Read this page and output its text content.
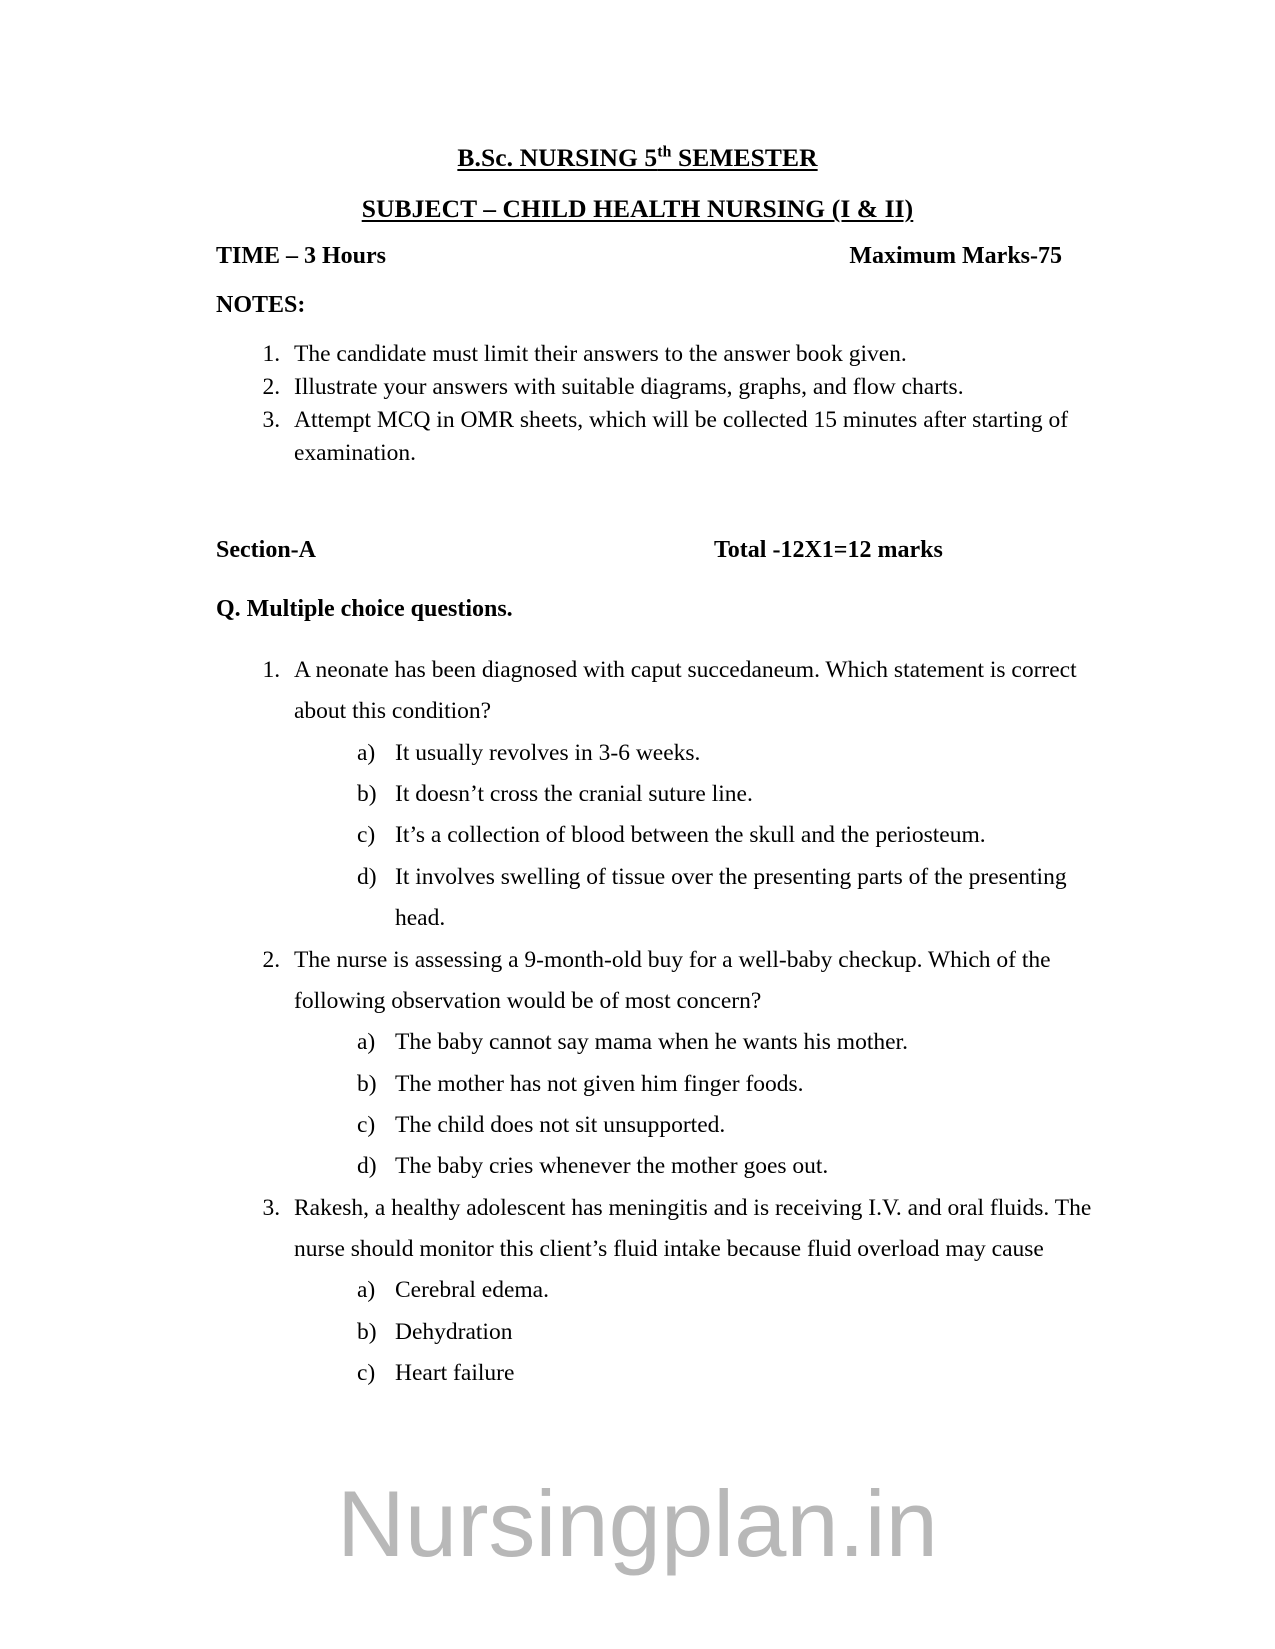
B.Sc. NURSING 5th SEMESTER
SUBJECT – CHILD HEALTH NURSING (I & II)
TIME – 3 Hours	Maximum Marks-75
NOTES:
1. The candidate must limit their answers to the answer book given.
2. Illustrate your answers with suitable diagrams, graphs, and flow charts.
3. Attempt MCQ in OMR sheets, which will be collected 15 minutes after starting of examination.
Section-A	Total -12X1=12 marks
Q. Multiple choice questions.
1. A neonate has been diagnosed with caput succedaneum. Which statement is correct about this condition?
a) It usually revolves in 3-6 weeks.
b) It doesn’t cross the cranial suture line.
c) It’s a collection of blood between the skull and the periosteum.
d) It involves swelling of tissue over the presenting parts of the presenting head.
2. The nurse is assessing a 9-month-old buy for a well-baby checkup. Which of the following observation would be of most concern?
a) The baby cannot say mama when he wants his mother.
b) The mother has not given him finger foods.
c) The child does not sit unsupported.
d) The baby cries whenever the mother goes out.
3. Rakesh, a healthy adolescent has meningitis and is receiving I.V. and oral fluids. The nurse should monitor this client’s fluid intake because fluid overload may cause
a) Cerebral edema.
b) Dehydration
c) Heart failure
Nursingplan.in
